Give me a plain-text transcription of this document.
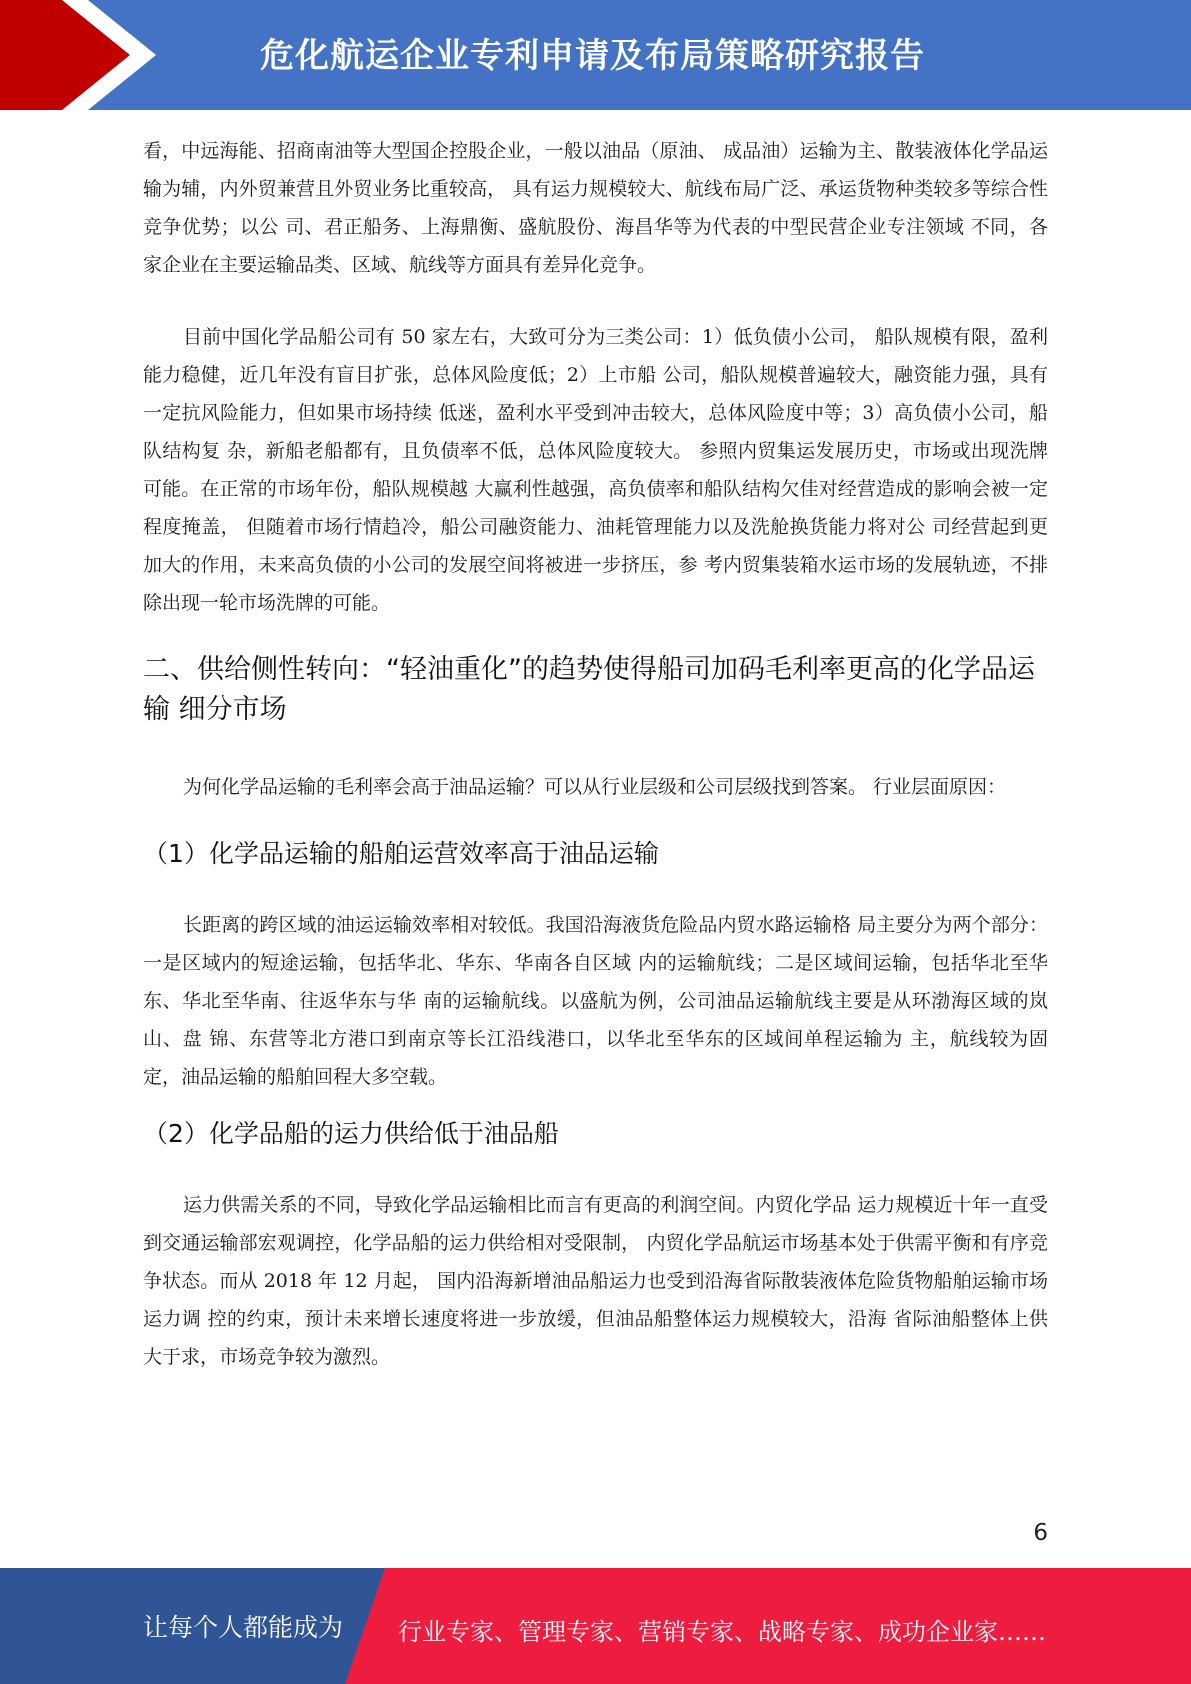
危化航运企业专利申请及布局策略研究报告

看，中远海能、招商南油等大型国企控股企业，一般以油品（原油、 成品油）运输为主、散装液体化学品运输为辅，内外贸兼营且外贸业务比重较高， 具有运力规模较大、航线布局广泛、承运货物种类较多等综合性竞争优势；以公 司、君正船务、上海鼎衡、盛航股份、海昌华等为代表的中型民营企业专注领域 不同，各家企业在主要运输品类、区域、航线等方面具有差异化竞争。

目前中国化学品船公司有 50 家左右，大致可分为三类公司：1）低负债小公司， 船队规模有限，盈利能力稳健，近几年没有盲目扩张，总体风险度低；2）上市船 公司，船队规模普遍较大，融资能力强，具有一定抗风险能力，但如果市场持续 低迷，盈利水平受到冲击较大，总体风险度中等；3）高负债小公司，船队结构复 杂，新船老船都有，且负债率不低，总体风险度较大。 参照内贸集运发展历史，市场或出现洗牌可能。在正常的市场年份，船队规模越 大赢利性越强，高负债率和船队结构欠佳对经营造成的影响会被一定程度掩盖， 但随着市场行情趋冷，船公司融资能力、油耗管理能力以及洗舱换货能力将对公 司经营起到更加大的作用，未来高负债的小公司的发展空间将被进一步挤压，参 考内贸集装箱水运市场的发展轨迹，不排除出现一轮市场洗牌的可能。

二、供给侧性转向：“轻油重化”的趋势使得船司加码毛利率更高的化学品运输 细分市场

为何化学品运输的毛利率会高于油品运输？可以从行业层级和公司层级找到答案。 行业层面原因：

（1）化学品运输的船舶运营效率高于油品运输

长距离的跨区域的油运运输效率相对较低。我国沿海液货危险品内贸水路运输格 局主要分为两个部分：一是区域内的短途运输，包括华北、华东、华南各自区域 内的运输航线；二是区域间运输，包括华北至华东、华北至华南、往返华东与华 南的运输航线。以盛航为例，公司油品运输航线主要是从环渤海区域的岚山、盘 锦、东营等北方港口到南京等长江沿线港口，以华北至华东的区域间单程运输为 主，航线较为固定，油品运输的船舶回程大多空载。

（2）化学品船的运力供给低于油品船

运力供需关系的不同，导致化学品运输相比而言有更高的利润空间。内贸化学品 运力规模近十年一直受到交通运输部宏观调控，化学品船的运力供给相对受限制， 内贸化学品航运市场基本处于供需平衡和有序竞争状态。而从 2018 年 12 月起， 国内沿海新增油品船运力也受到沿海省际散装液体危险货物船舶运输市场运力调 控的约束，预计未来增长速度将进一步放缓，但油品船整体运力规模较大，沿海 省际油船整体上供大于求，市场竞争较为激烈。

6
让每个人都能成为 行业专家、管理专家、营销专家、战略专家、成功企业家……
